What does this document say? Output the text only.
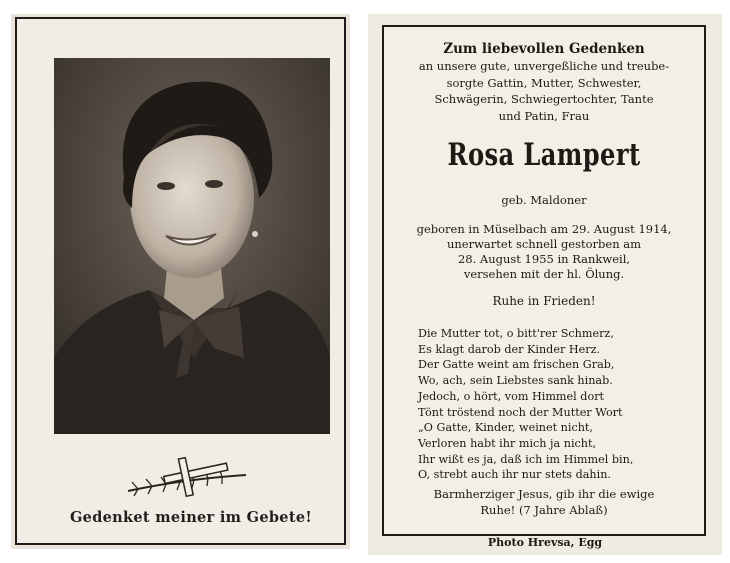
Gedenket meiner im Gebete!
Zum liebevollen Gedenken
an unsere gute, unvergeßliche und treube-
sorgte Gattin, Mutter, Schwester,
Schwägerin, Schwiegertochter, Tante
und Patin, Frau
Rosa Lampert
geb. Maldoner
geboren in Müselbach am 29. August 1914,
unerwartet schnell gestorben am
28. August 1955 in Rankweil,
versehen mit der hl. Ölung.
Ruhe in Frieden!
Die Mutter tot, o bitt'rer Schmerz,
Es klagt darob der Kinder Herz.
Der Gatte weint am frischen Grab,
Wo, ach, sein Liebstes sank hinab.
Jedoch, o hört, vom Himmel dort
Tönt tröstend noch der Mutter Wort
„O Gatte, Kinder, weinet nicht,
Verloren habt ihr mich ja nicht,
Ihr wißt es ja, daß ich im Himmel bin,
O, strebt auch ihr nur stets dahin.
Barmherziger Jesus, gib ihr die ewige
Ruhe! (7 Jahre Ablaß)
Photo Hrevsa, Egg
